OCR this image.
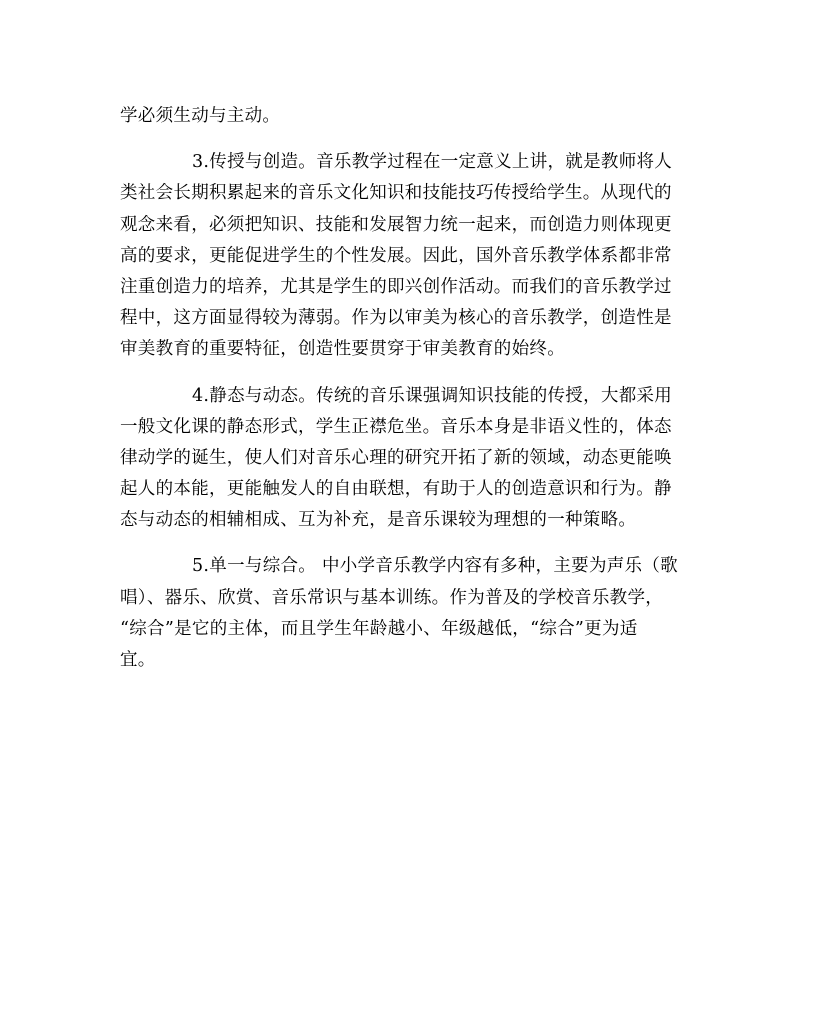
学必须生动与主动。
3.传授与创造。音乐教学过程在一定意义上讲，就是教师将人
类社会长期积累起来的音乐文化知识和技能技巧传授给学生。从现代的
观念来看，必须把知识、技能和发展智力统一起来，而创造力则体现更
高的要求，更能促进学生的个性发展。因此，国外音乐教学体系都非常
注重创造力的培养，尤其是学生的即兴创作活动。而我们的音乐教学过
程中，这方面显得较为薄弱。作为以审美为核心的音乐教学，创造性是
审美教育的重要特征，创造性要贯穿于审美教育的始终。
4.静态与动态。传统的音乐课强调知识技能的传授，大都采用
一般文化课的静态形式，学生正襟危坐。音乐本身是非语义性的，体态
律动学的诞生，使人们对音乐心理的研究开拓了新的领域，动态更能唤
起人的本能，更能触发人的自由联想，有助于人的创造意识和行为。静
态与动态的相辅相成、互为补充，是音乐课较为理想的一种策略。
5.单一与综合。 中小学音乐教学内容有多种，主要为声乐（歌
唱）、器乐、欣赏、音乐常识与基本训练。作为普及的学校音乐教学，
“综合”是它的主体，而且学生年龄越小、年级越低，“综合”更为适
宜。
